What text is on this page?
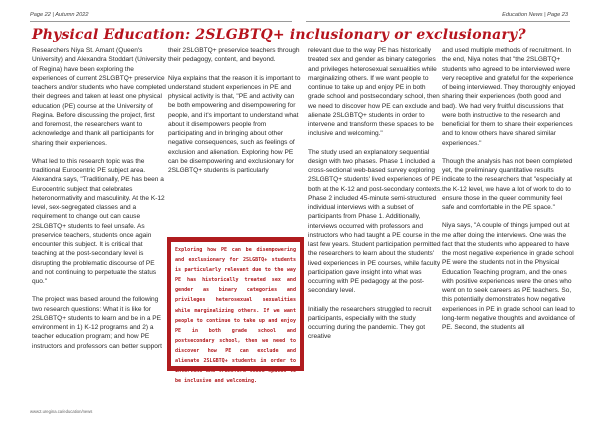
Page 22 | Autumn 2022	Education News | Page 23
Physical Education: 2SLGBTQ+ inclusionary or exclusionary?

Researchers Niya St. Amant (Queen's University) and Alexandra Stoddart (University of Regina) have been exploring the experiences of current 2SLGBTQ+ preservice teachers and/or students who have completed their degrees and taken at least one physical education (PE) course at the University of Regina. Before discussing the project, first and foremost, the researchers want to acknowledge and thank all participants for sharing their experiences.

What led to this research topic was the traditional Eurocentric PE subject area. Alexandra says, "Traditionally, PE has been a Eurocentric subject that celebrates heteronormativity and masculinity. At the K-12 level, sex-segregated classes and a requirement to change out can cause 2SLGBTQ+ students to feel unsafe. As preservice teachers, students once again encounter this subject. It is critical that teaching at the post-secondary level is disrupting the problematic discourse of PE and not continuing to perpetuate the status quo."

The project was based around the following two research questions: What it is like for 2SLGBTQ+ students to learn and be in a PE environment in 1) K-12 programs and 2) a teacher education program; and how PE instructors and professors can better support

their 2SLGBTQ+ preservice teachers through their pedagogy, content, and beyond.

Niya explains that the reason it is important to understand student experiences in PE and physical activity is that, "PE and activity can be both empowering and disempowering for people, and it's important to understand what about it disempowers people from participating and in bringing about other negative consequences, such as feelings of exclusion and alienation. Exploring how PE can be disempowering and exclusionary for 2SLGBTQ+ students is particularly

Exploring how PE can be disempowering and exclusionary for 2SLGBTQ+ students is particularly relevant due to the way PE has historically treated sex and gender as binary categories and privileges heterosexual sexualities while marginalizing others. If we want people to continue to take up and enjoy PE in both grade school and postsecondary school, then we need to discover how PE can exclude and alienate 2SLGBTQ+ students in order to intervene and transform these spaces to be inclusive and welcoming.

relevant due to the way PE has historically treated sex and gender as binary categories and privileges heterosexual sexualities while marginalizing others. If we want people to continue to take up and enjoy PE in both grade school and postsecondary school, then we need to discover how PE can exclude and alienate 2SLGBTQ+ students in order to intervene and transform these spaces to be inclusive and welcoming."

The study used an explanatory sequential design with two phases. Phase 1 included a cross-sectional web-based survey exploring 2SLGBTQ+ students' lived experiences of PE both at the K-12 and post-secondary contexts. Phase 2 included 45-minute semi-structured individual interviews with a subset of participants from Phase 1. Additionally, interviews occurred with professors and instructors who had taught a PE course in the last few years. Student participation permitted the researchers to learn about the students' lived experiences in PE courses, while faculty participation gave insight into what was occurring with PE pedagogy at the post-secondary level.

Initially the researchers struggled to recruit participants, especially with the study occurring during the pandemic. They got creative

and used multiple methods of recruitment. In the end, Niya notes that "the 2SLGBTQ+ students who agreed to be interviewed were very receptive and grateful for the experience of being interviewed. They thoroughly enjoyed sharing their experiences (both good and bad). We had very fruitful discussions that were both instructive to the research and beneficial for them to share their experiences and to know others have shared similar experiences."

Though the analysis has not been completed yet, the preliminary quantitative results indicate to the researchers that "especially at the K-12 level, we have a lot of work to do to ensure those in the queer community feel safe and comfortable in the PE space."

Niya says, "A couple of things jumped out at me after doing the interviews. One was the fact that the students who appeared to have the most negative experience in grade school PE were the students not in the Physical Education Teaching program, and the ones with positive experiences were the ones who went on to seek careers as PE teachers. So, this potentially demonstrates how negative experiences in PE in grade school can lead to long-term negative thoughts and avoidance of PE. Second, the students all

www2.uregina.ca/education/news
